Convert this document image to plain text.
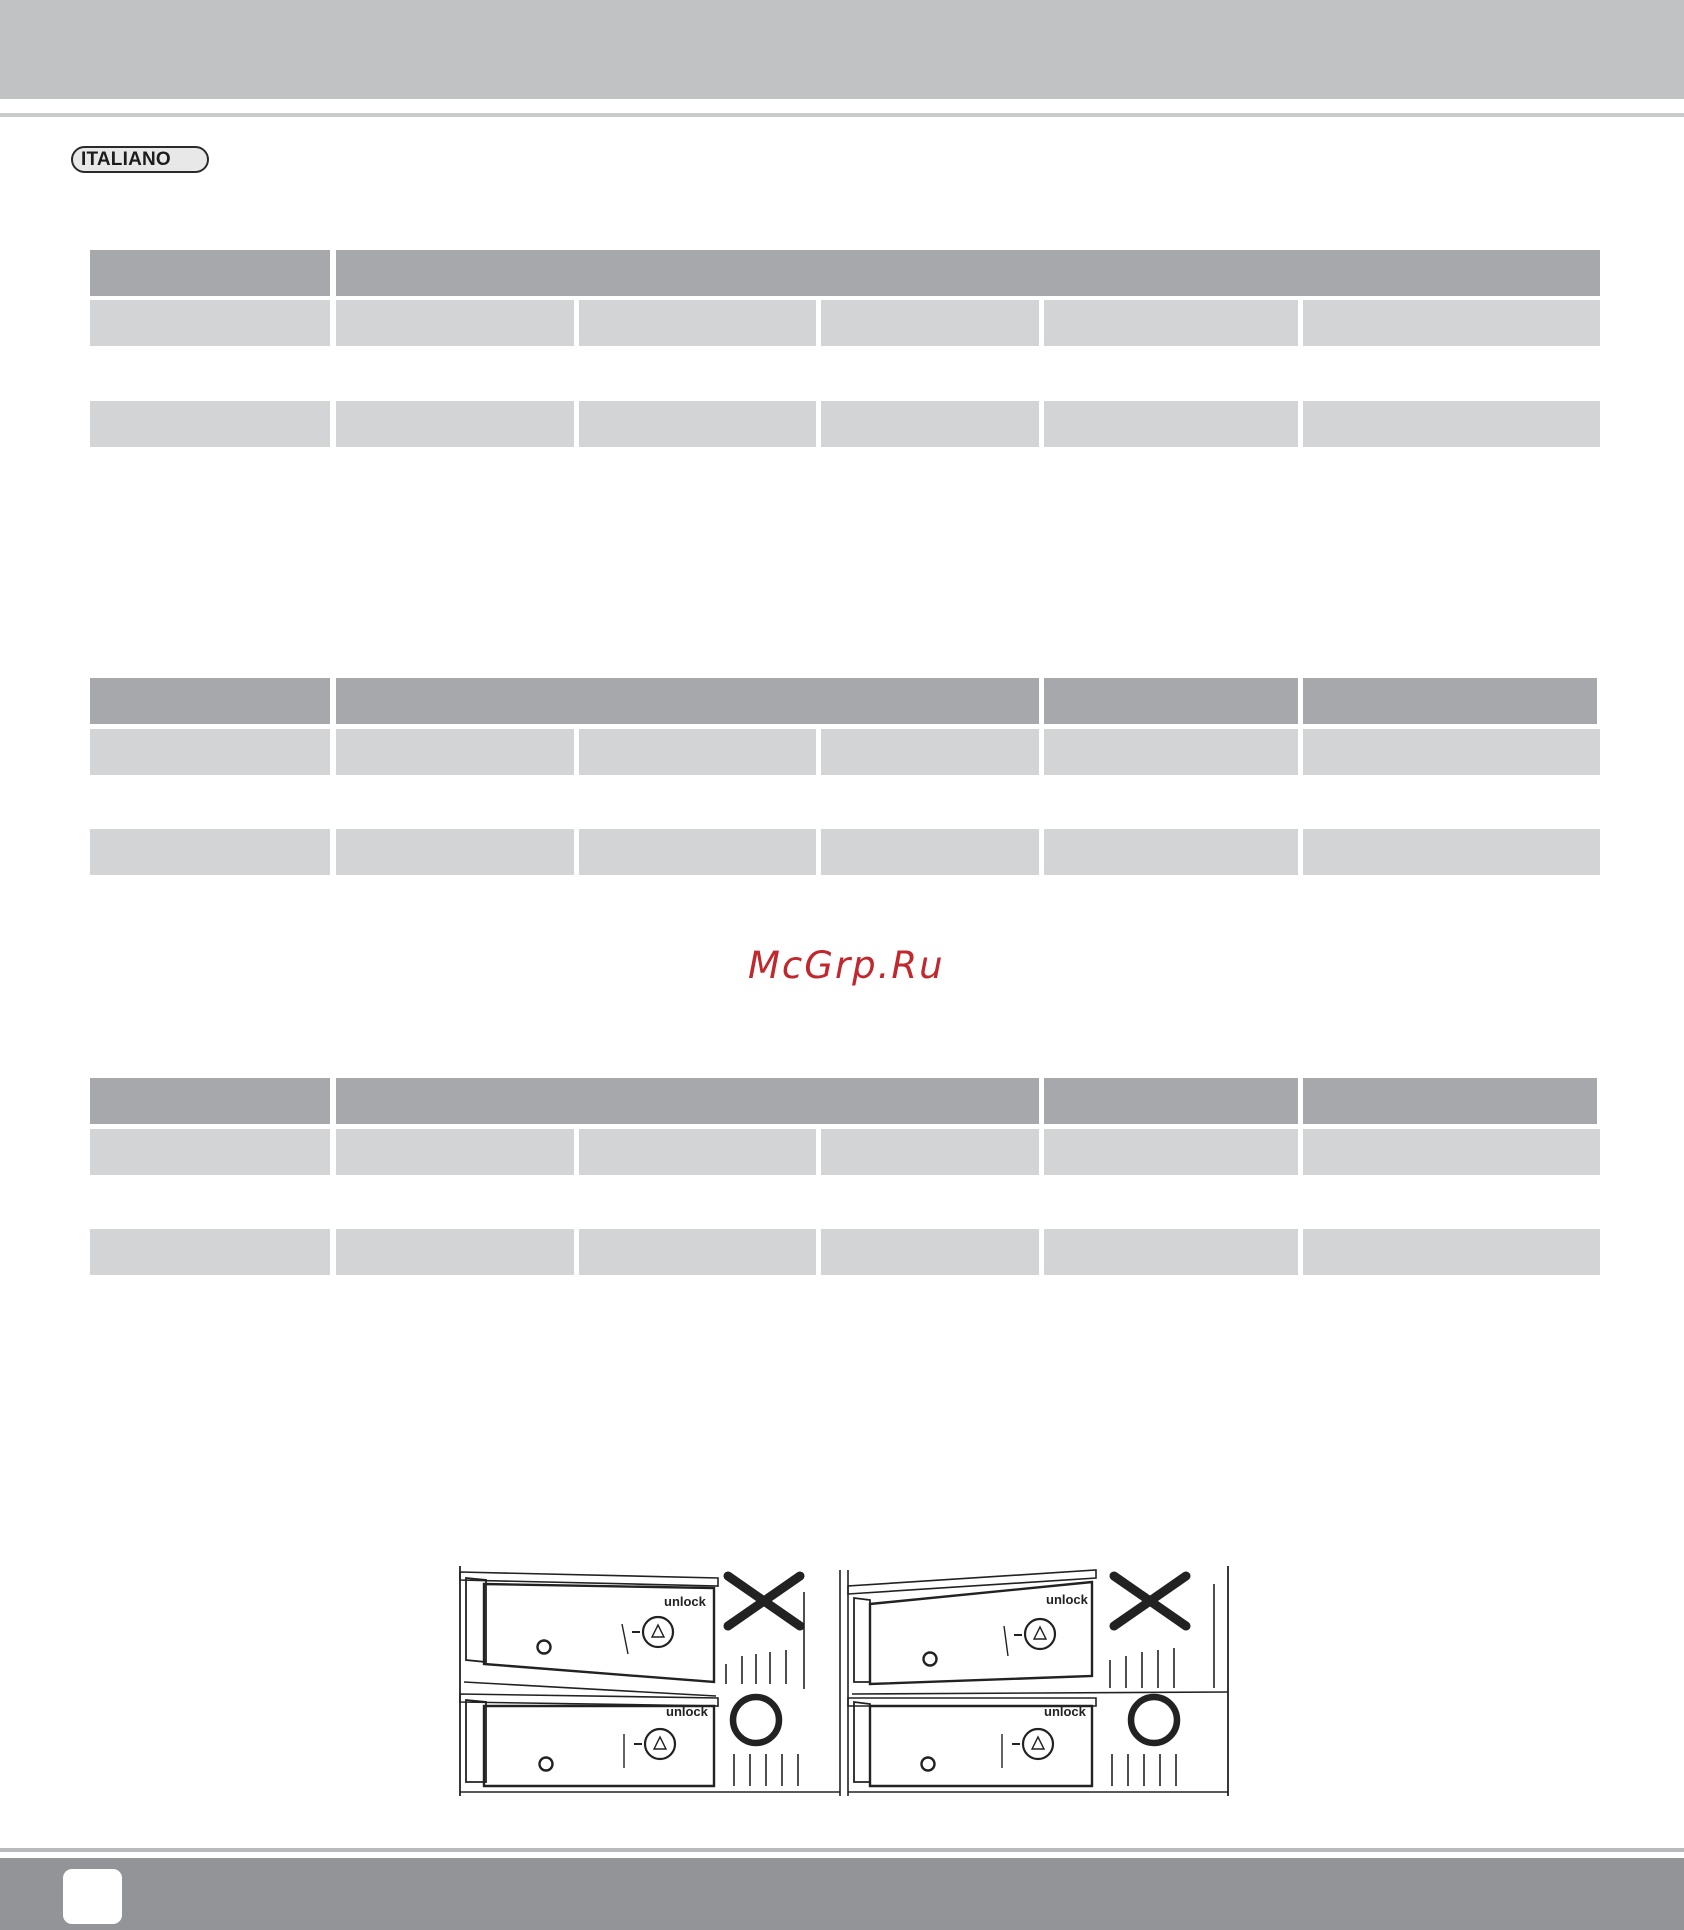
ITALIANO
McGrp.Ru
unlock	unlock
unlock	unlock
